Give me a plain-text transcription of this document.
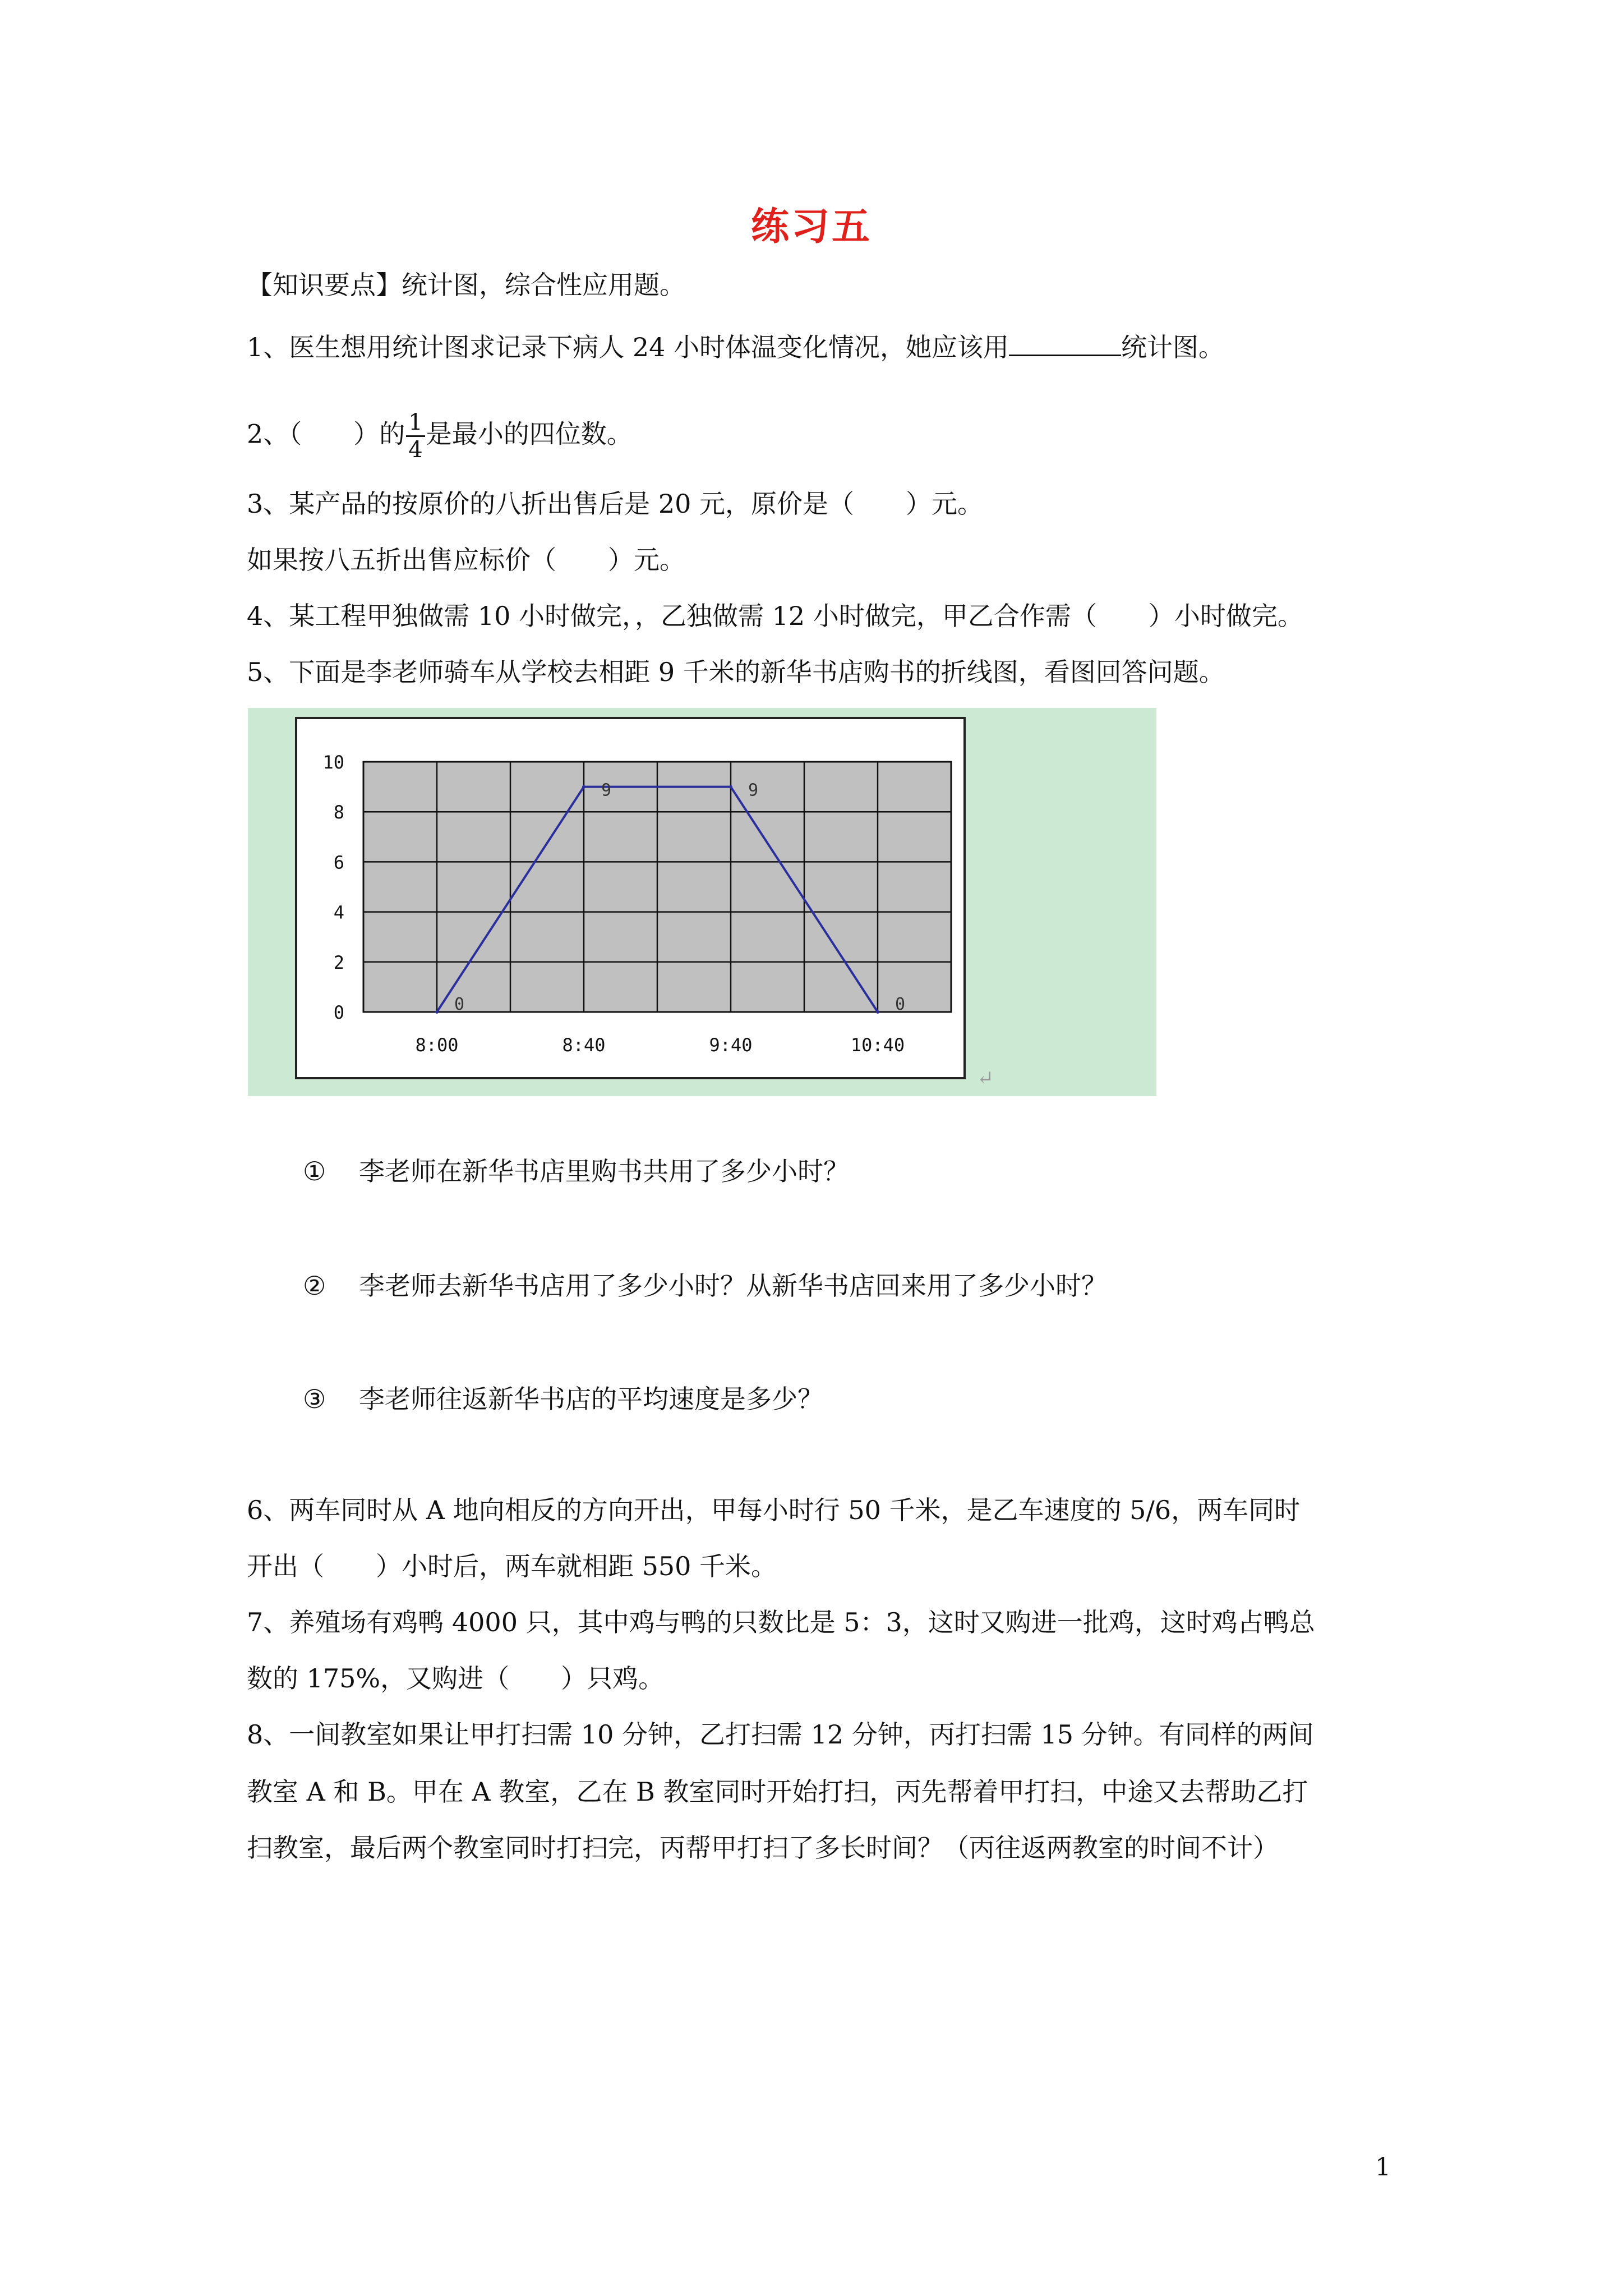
练习五
【知识要点】统计图，综合性应用题。
1、医生想用统计图求记录下病人 24 小时体温变化情况，她应该用	统计图。
2、（　　）的 $\frac{1}{4}$ 是最小的四位数。
3、某产品的按原价的八折出售后是 20 元，原价是（　　）元。
如果按八五折出售应标价（　　）元。
4、某工程甲独做需 10 小时做完，，乙独做需 12 小时做完，甲乙合作需（　　）小时做完。
5、下面是李老师骑车从学校去相距 9 千米的新华书店购书的折线图，看图回答问题。
0
2
4
6
8
10
8:00	8:40	9:40	10:40
0
9	9
0
↵
① 李老师在新华书店里购书共用了多少小时？
② 李老师去新华书店用了多少小时？从新华书店回来用了多少小时？
③ 李老师往返新华书店的平均速度是多少？
6、两车同时从 A 地向相反的方向开出，甲每小时行 50 千米，是乙车速度的 5/6，两车同时
开出（　　）小时后，两车就相距 550 千米。
7、养殖场有鸡鸭 4000 只，其中鸡与鸭的只数比是 5：3，这时又购进一批鸡，这时鸡占鸭总
数的 175%，又购进（　　）只鸡。
8、一间教室如果让甲打扫需 10 分钟，乙打扫需 12 分钟，丙打扫需 15 分钟。有同样的两间
教室 A 和 B。甲在 A 教室，乙在 B 教室同时开始打扫，丙先帮着甲打扫，中途又去帮助乙打
扫教室，最后两个教室同时打扫完，丙帮甲打扫了多长时间？（丙往返两教室的时间不计）
1
